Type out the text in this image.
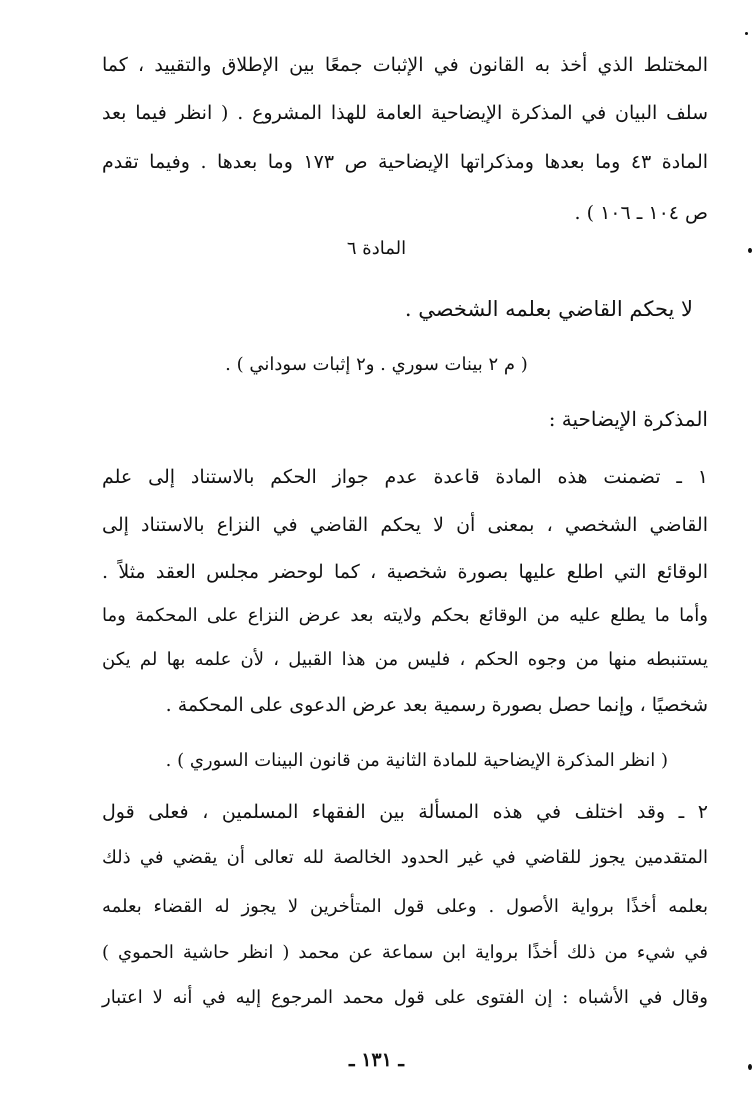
المختلط الذي أخذ به القانون في الإثبات جمعًا بين الإطلاق والتقييد ، كما
سلف البيان في المذكرة الإيضاحية العامة للهذا المشروع . ( انظر فيما بعد
المادة ٤٣ وما بعدها ومذكراتها الإيضاحية ص ١٧٣ وما بعدها . وفيما تقدم
ص ١٠٤ ـ ١٠٦ ) .
المادة ٦
لا يحكم القاضي بعلمه الشخصي .
( م ٢ بينات سوري . و٢ إثبات سوداني ) .
المذكرة الإيضاحية :
١ ـ تضمنت هذه المادة قاعدة عدم جواز الحكم بالاستناد إلى علم
القاضي الشخصي ، بمعنى أن لا يحكم القاضي في النزاع بالاستناد إلى
الوقائع التي اطلع عليها بصورة شخصية ، كما لوحضر مجلس العقد مثلاً .
وأما ما يطلع عليه من الوقائع بحكم ولايته بعد عرض النزاع على المحكمة وما
يستنبطه منها من وجوه الحكم ، فليس من هذا القبيل ، لأن علمه بها لم يكن
شخصيًا ، وإنما حصل بصورة رسمية بعد عرض الدعوى على المحكمة .
( انظر المذكرة الإيضاحية للمادة الثانية من قانون البينات السوري ) .
٢ ـ وقد اختلف في هذه المسألة بين الفقهاء المسلمين ، فعلى قول
المتقدمين يجوز للقاضي في غير الحدود الخالصة لله تعالى أن يقضي في ذلك
بعلمه أخذًا برواية الأصول . وعلى قول المتأخرين لا يجوز له القضاء بعلمه
في شيء من ذلك أخذًا برواية ابن سماعة عن محمد ( انظر حاشية الحموي )
وقال في الأشباه : إن الفتوى على قول محمد المرجوع إليه في أنه لا اعتبار
ـ ١٣١ ـ
